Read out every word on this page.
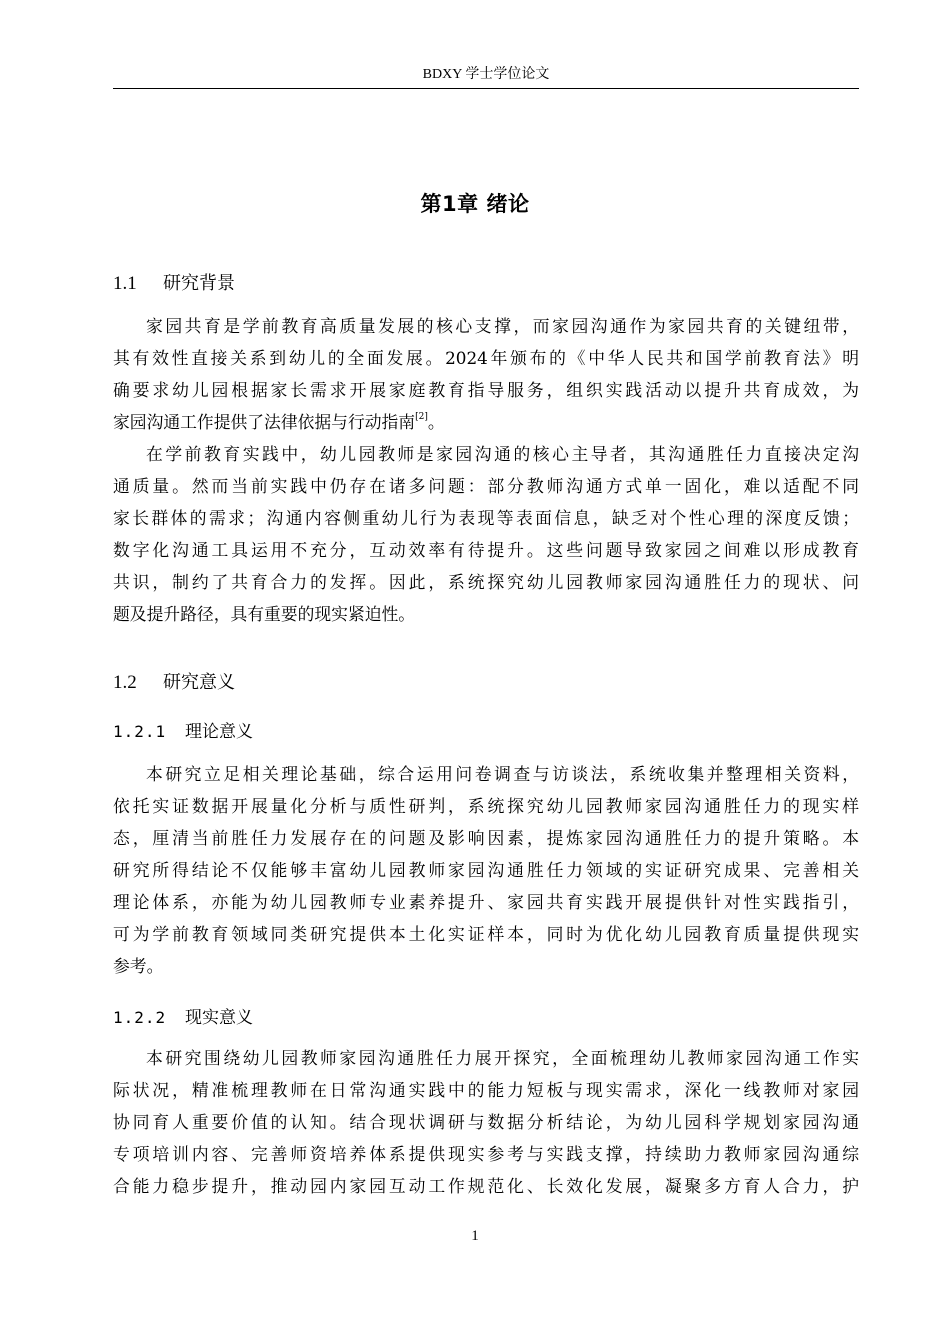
BDXY 学士学位论文
第1章 绪论
1.1 研究背景
家园共育是学前教育高质量发展的核心支撑，而家园沟通作为家园共育的关键纽带，
其有效性直接关系到幼儿的全面发展。2024年颁布的《中华人民共和国学前教育法》明
确要求幼儿园根据家长需求开展家庭教育指导服务，组织实践活动以提升共育成效，为
家园沟通工作提供了法律依据与行动指南[2]。
在学前教育实践中，幼儿园教师是家园沟通的核心主导者，其沟通胜任力直接决定沟
通质量。然而当前实践中仍存在诸多问题：部分教师沟通方式单一固化，难以适配不同
家长群体的需求；沟通内容侧重幼儿行为表现等表面信息，缺乏对个性心理的深度反馈；
数字化沟通工具运用不充分，互动效率有待提升。这些问题导致家园之间难以形成教育
共识，制约了共育合力的发挥。因此，系统探究幼儿园教师家园沟通胜任力的现状、问
题及提升路径，具有重要的现实紧迫性。
1.2 研究意义
1.2.1 理论意义
本研究立足相关理论基础，综合运用问卷调查与访谈法，系统收集并整理相关资料，
依托实证数据开展量化分析与质性研判，系统探究幼儿园教师家园沟通胜任力的现实样
态，厘清当前胜任力发展存在的问题及影响因素，提炼家园沟通胜任力的提升策略。本
研究所得结论不仅能够丰富幼儿园教师家园沟通胜任力领域的实证研究成果、完善相关
理论体系，亦能为幼儿园教师专业素养提升、家园共育实践开展提供针对性实践指引，
可为学前教育领域同类研究提供本土化实证样本，同时为优化幼儿园教育质量提供现实
参考。
1.2.2 现实意义
本研究围绕幼儿园教师家园沟通胜任力展开探究，全面梳理幼儿教师家园沟通工作实
际状况，精准梳理教师在日常沟通实践中的能力短板与现实需求，深化一线教师对家园
协同育人重要价值的认知。结合现状调研与数据分析结论，为幼儿园科学规划家园沟通
专项培训内容、完善师资培养体系提供现实参考与实践支撑，持续助力教师家园沟通综
合能力稳步提升，推动园内家园互动工作规范化、长效化发展，凝聚多方育人合力，护
1
